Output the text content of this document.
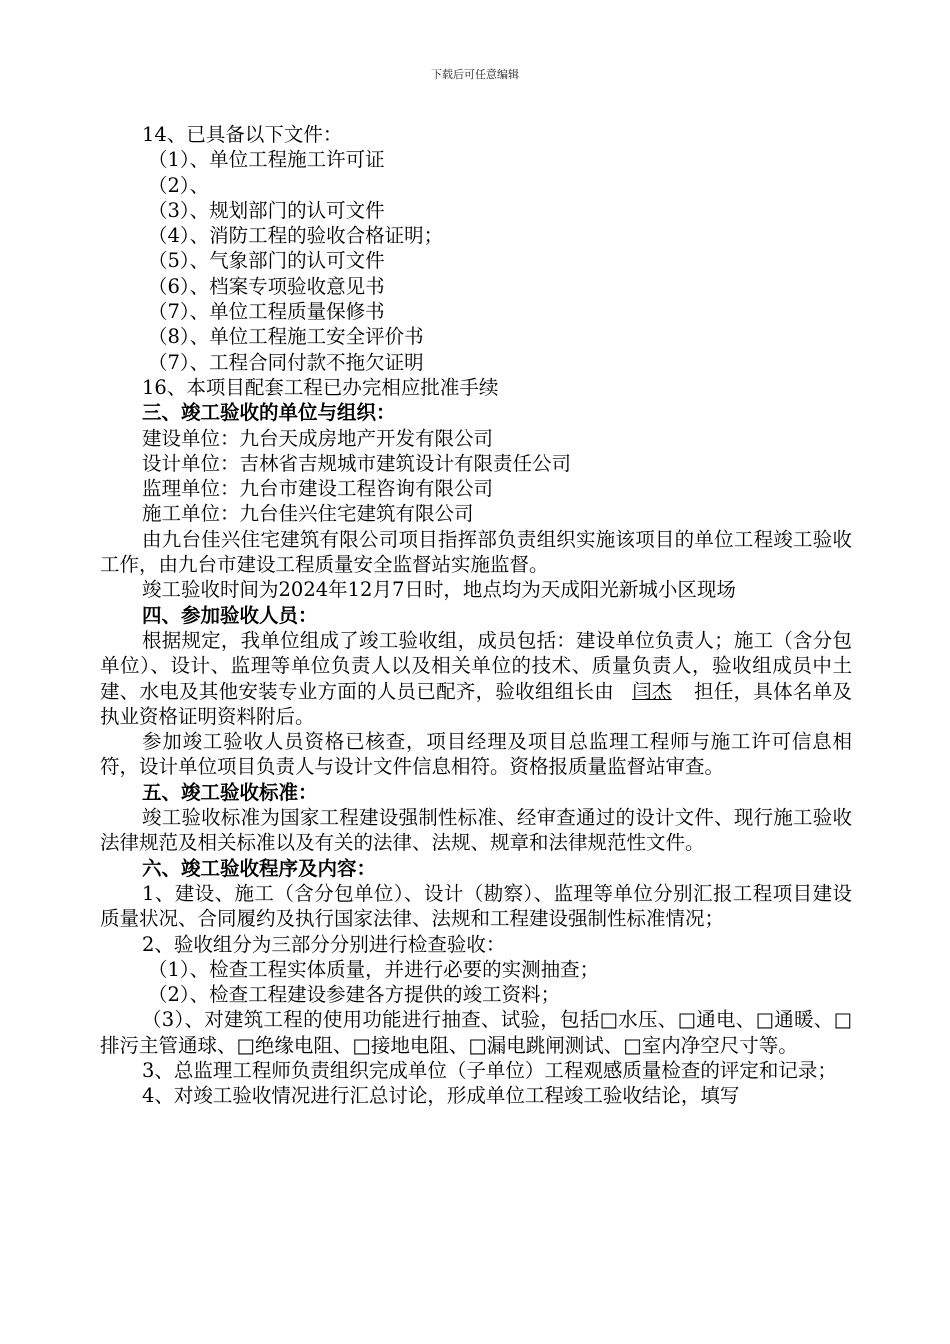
下载后可任意编辑

14、已具备以下文件：

（1）、单位工程施工许可证

（2）、

（3）、规划部门的认可文件

（4）、消防工程的验收合格证明；

（5）、气象部门的认可文件

（6）、档案专项验收意见书

（7）、单位工程质量保修书

（8）、单位工程施工安全评价书

（7）、工程合同付款不拖欠证明

16、本项目配套工程已办完相应批准手续

三、竣工验收的单位与组织：

建设单位：九台天成房地产开发有限公司

设计单位：吉林省吉规城市建筑设计有限责任公司

监理单位：九台市建设工程咨询有限公司

施工单位：九台佳兴住宅建筑有限公司

由九台佳兴住宅建筑有限公司项目指挥部负责组织实施该项目的单位工程竣工验收工作，由九台市建设工程质量安全监督站实施监督。

竣工验收时间为2024年12月7日时，地点均为天成阳光新城小区现场

四、参加验收人员：

根据规定，我单位组成了竣工验收组，成员包括：建设单位负责人；施工（含分包单位）、设计、监理等单位负责人以及相关单位的技术、质量负责人，验收组成员中土建、水电及其他安装专业方面的人员已配齐，验收组组长由 闫杰 担任，具体名单及执业资格证明资料附后。

参加竣工验收人员资格已核查，项目经理及项目总监理工程师与施工许可信息相符，设计单位项目负责人与设计文件信息相符。资格报质量监督站审查。

五、竣工验收标准：

竣工验收标准为国家工程建设强制性标准、经审查通过的设计文件、现行施工验收法律规范及相关标准以及有关的法律、法规、规章和法律规范性文件。

六、竣工验收程序及内容：

1、建设、施工（含分包单位）、设计（勘察）、监理等单位分别汇报工程项目建设质量状况、合同履约及执行国家法律、法规和工程建设强制性标准情况；

2、验收组分为三部分分别进行检查验收：

（1）、检查工程实体质量，并进行必要的实测抽查；

（2）、检查工程建设参建各方提供的竣工资料；

（3）、对建筑工程的使用功能进行抽查、试验，包括□水压、□通电、□通暖、□排污主管通球、□绝缘电阻、□接地电阻、□漏电跳闸测试、□室内净空尺寸等。

3、总监理工程师负责组织完成单位（子单位）工程观感质量检查的评定和记录；

4、对竣工验收情况进行汇总讨论，形成单位工程竣工验收结论，填写
